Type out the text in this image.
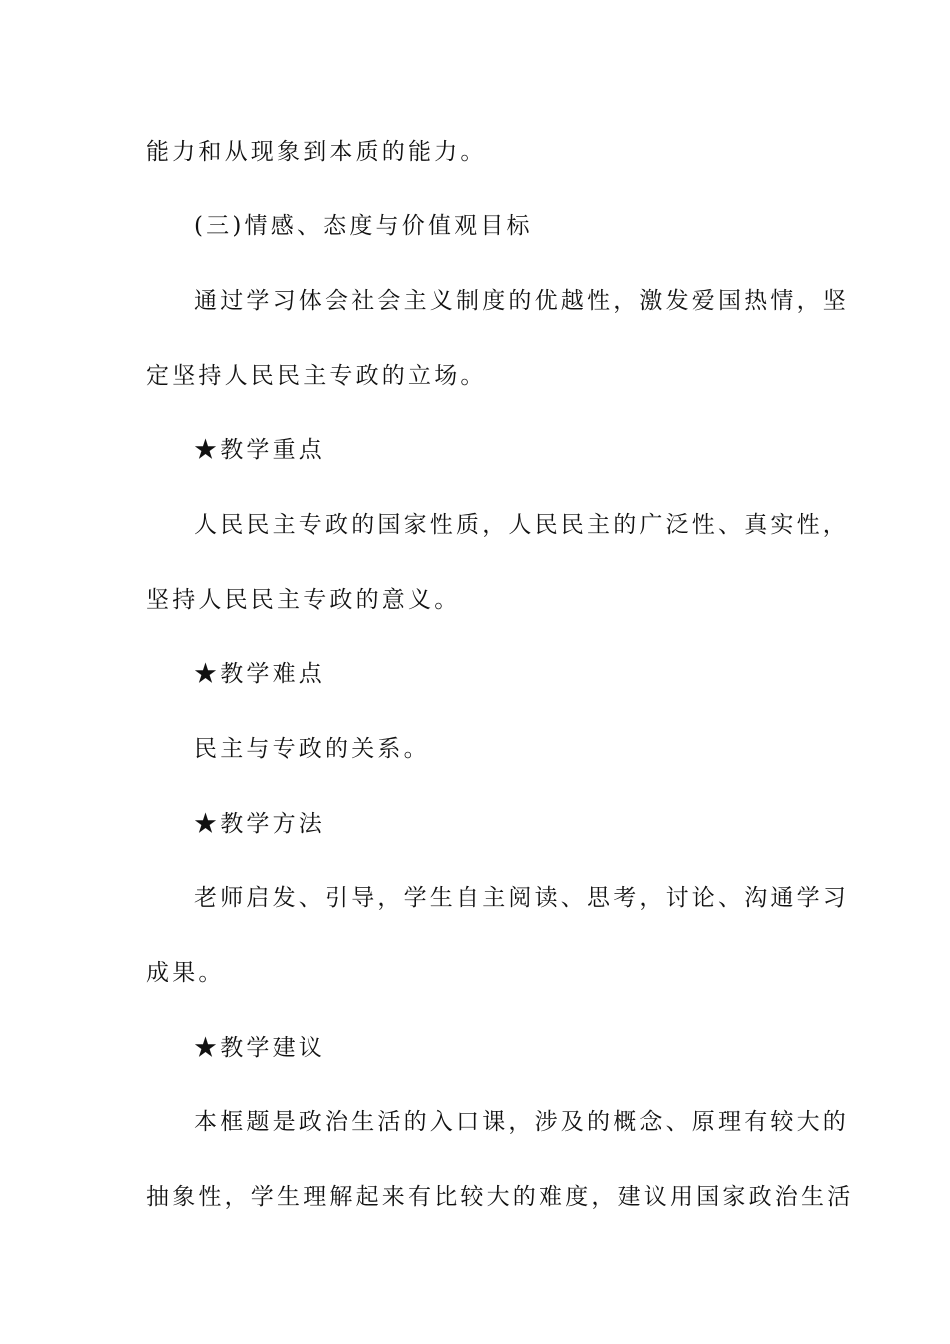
能力和从现象到本质的能力。
(三)情感、态度与价值观目标
通过学习体会社会主义制度的优越性，激发爱国热情，坚
定坚持人民民主专政的立场。
★教学重点
人民民主专政的国家性质，人民民主的广泛性、真实性，
坚持人民民主专政的意义。
★教学难点
民主与专政的关系。
★教学方法
老师启发、引导，学生自主阅读、思考，讨论、沟通学习
成果。
★教学建议
本框题是政治生活的入口课，涉及的概念、原理有较大的
抽象性，学生理解起来有比较大的难度，建议用国家政治生活
